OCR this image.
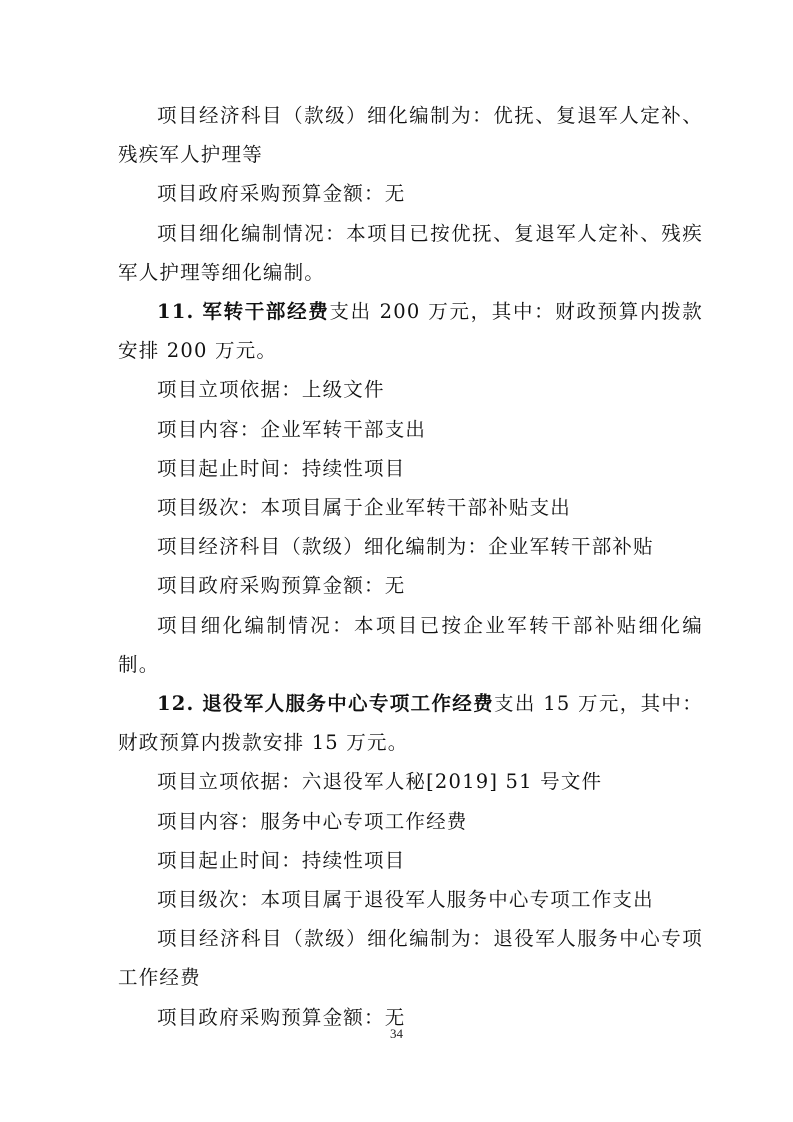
项目经济科目（款级）细化编制为：优抚、复退军人定补、残疾军人护理等

项目政府采购预算金额：无

项目细化编制情况：本项目已按优抚、复退军人定补、残疾军人护理等细化编制。

11. 军转干部经费支出 200 万元，其中：财政预算内拨款安排 200 万元。

项目立项依据：上级文件

项目内容：企业军转干部支出

项目起止时间：持续性项目

项目级次：本项目属于企业军转干部补贴支出

项目经济科目（款级）细化编制为：企业军转干部补贴

项目政府采购预算金额：无

项目细化编制情况：本项目已按企业军转干部补贴细化编制。

12. 退役军人服务中心专项工作经费支出 15 万元，其中：财政预算内拨款安排 15 万元。

项目立项依据：六退役军人秘[2019] 51 号文件

项目内容：服务中心专项工作经费

项目起止时间：持续性项目

项目级次：本项目属于退役军人服务中心专项工作支出

项目经济科目（款级）细化编制为：退役军人服务中心专项工作经费

项目政府采购预算金额：无

34
